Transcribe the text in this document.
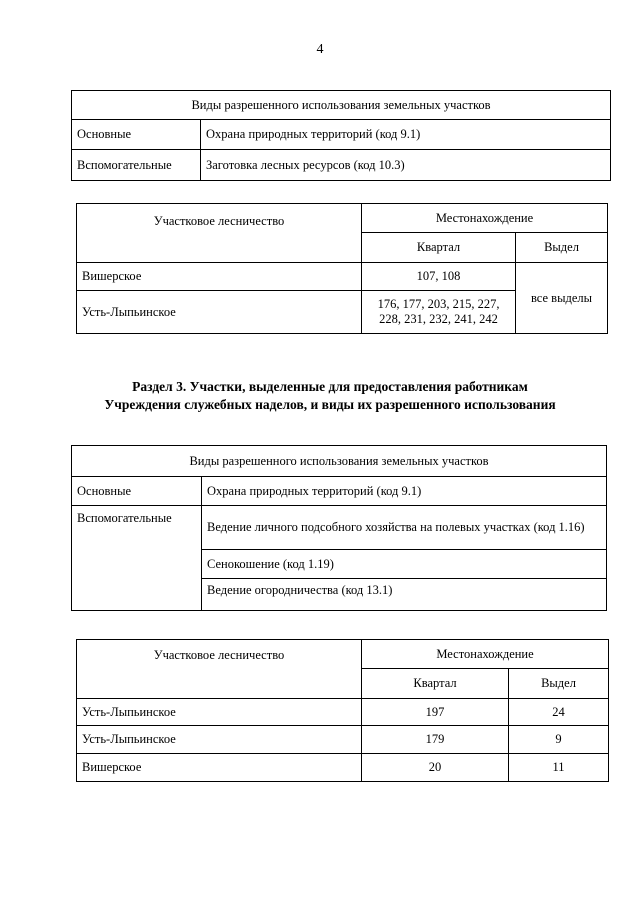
4
Виды разрешенного использования земельных участков	
Основные	Охрана природных территорий (код 9.1)
Вспомогательные	Заготовка лесных ресурсов (код 10.3)
Участковое лесничество	Местонахождение	
	Квартал	Выдел
Вишерское	107, 108	все выделы
Усть-Лыпьинское	176, 177, 203, 215, 227,
228, 231, 232, 241, 242	
Раздел 3. Участки, выделенные для предоставления работникам
Учреждения служебных наделов, и виды их разрешенного использования
Виды разрешенного использования земельных участков	
Основные	Охрана природных территорий (код 9.1)
Вспомогательные	Ведение личного подсобного хозяйства на полевых участках (код 1.16)
	Сенокошение (код 1.19)
	Ведение огородничества (код 13.1)
Участковое лесничество	Местонахождение	
	Квартал	Выдел
Усть-Лыпьинское	197	24
Усть-Лыпьинское	179	9
Вишерское	20	11
